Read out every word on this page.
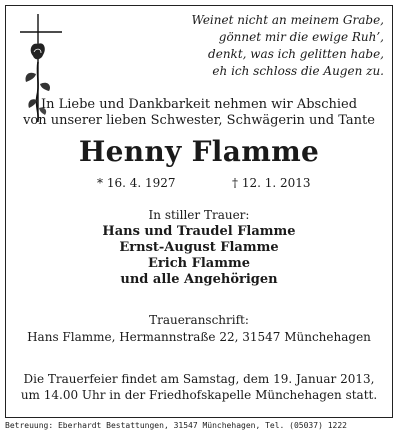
Weinet nicht an meinem Grabe,
gönnet mir die ewige Ruh’,
denkt, was ich gelitten habe,
eh ich schloss die Augen zu.
In Liebe und Dankbarkeit nehmen wir Abschied
von unserer lieben Schwester, Schwägerin und Tante
Henny Flamme
* 16. 4. 1927	† 12. 1. 2013
In stiller Trauer:
Hans und Traudel Flamme
Ernst-August Flamme
Erich Flamme
und alle Angehörigen
Traueranschrift:
Hans Flamme, Hermannstraße 22, 31547 Münchehagen
Die Trauerfeier findet am Samstag, dem 19. Januar 2013,
um 14.00 Uhr in der Friedhofskapelle Münchehagen statt.
Betreuung: Eberhardt Bestattungen, 31547 Münchehagen, Tel. (05037) 1222
